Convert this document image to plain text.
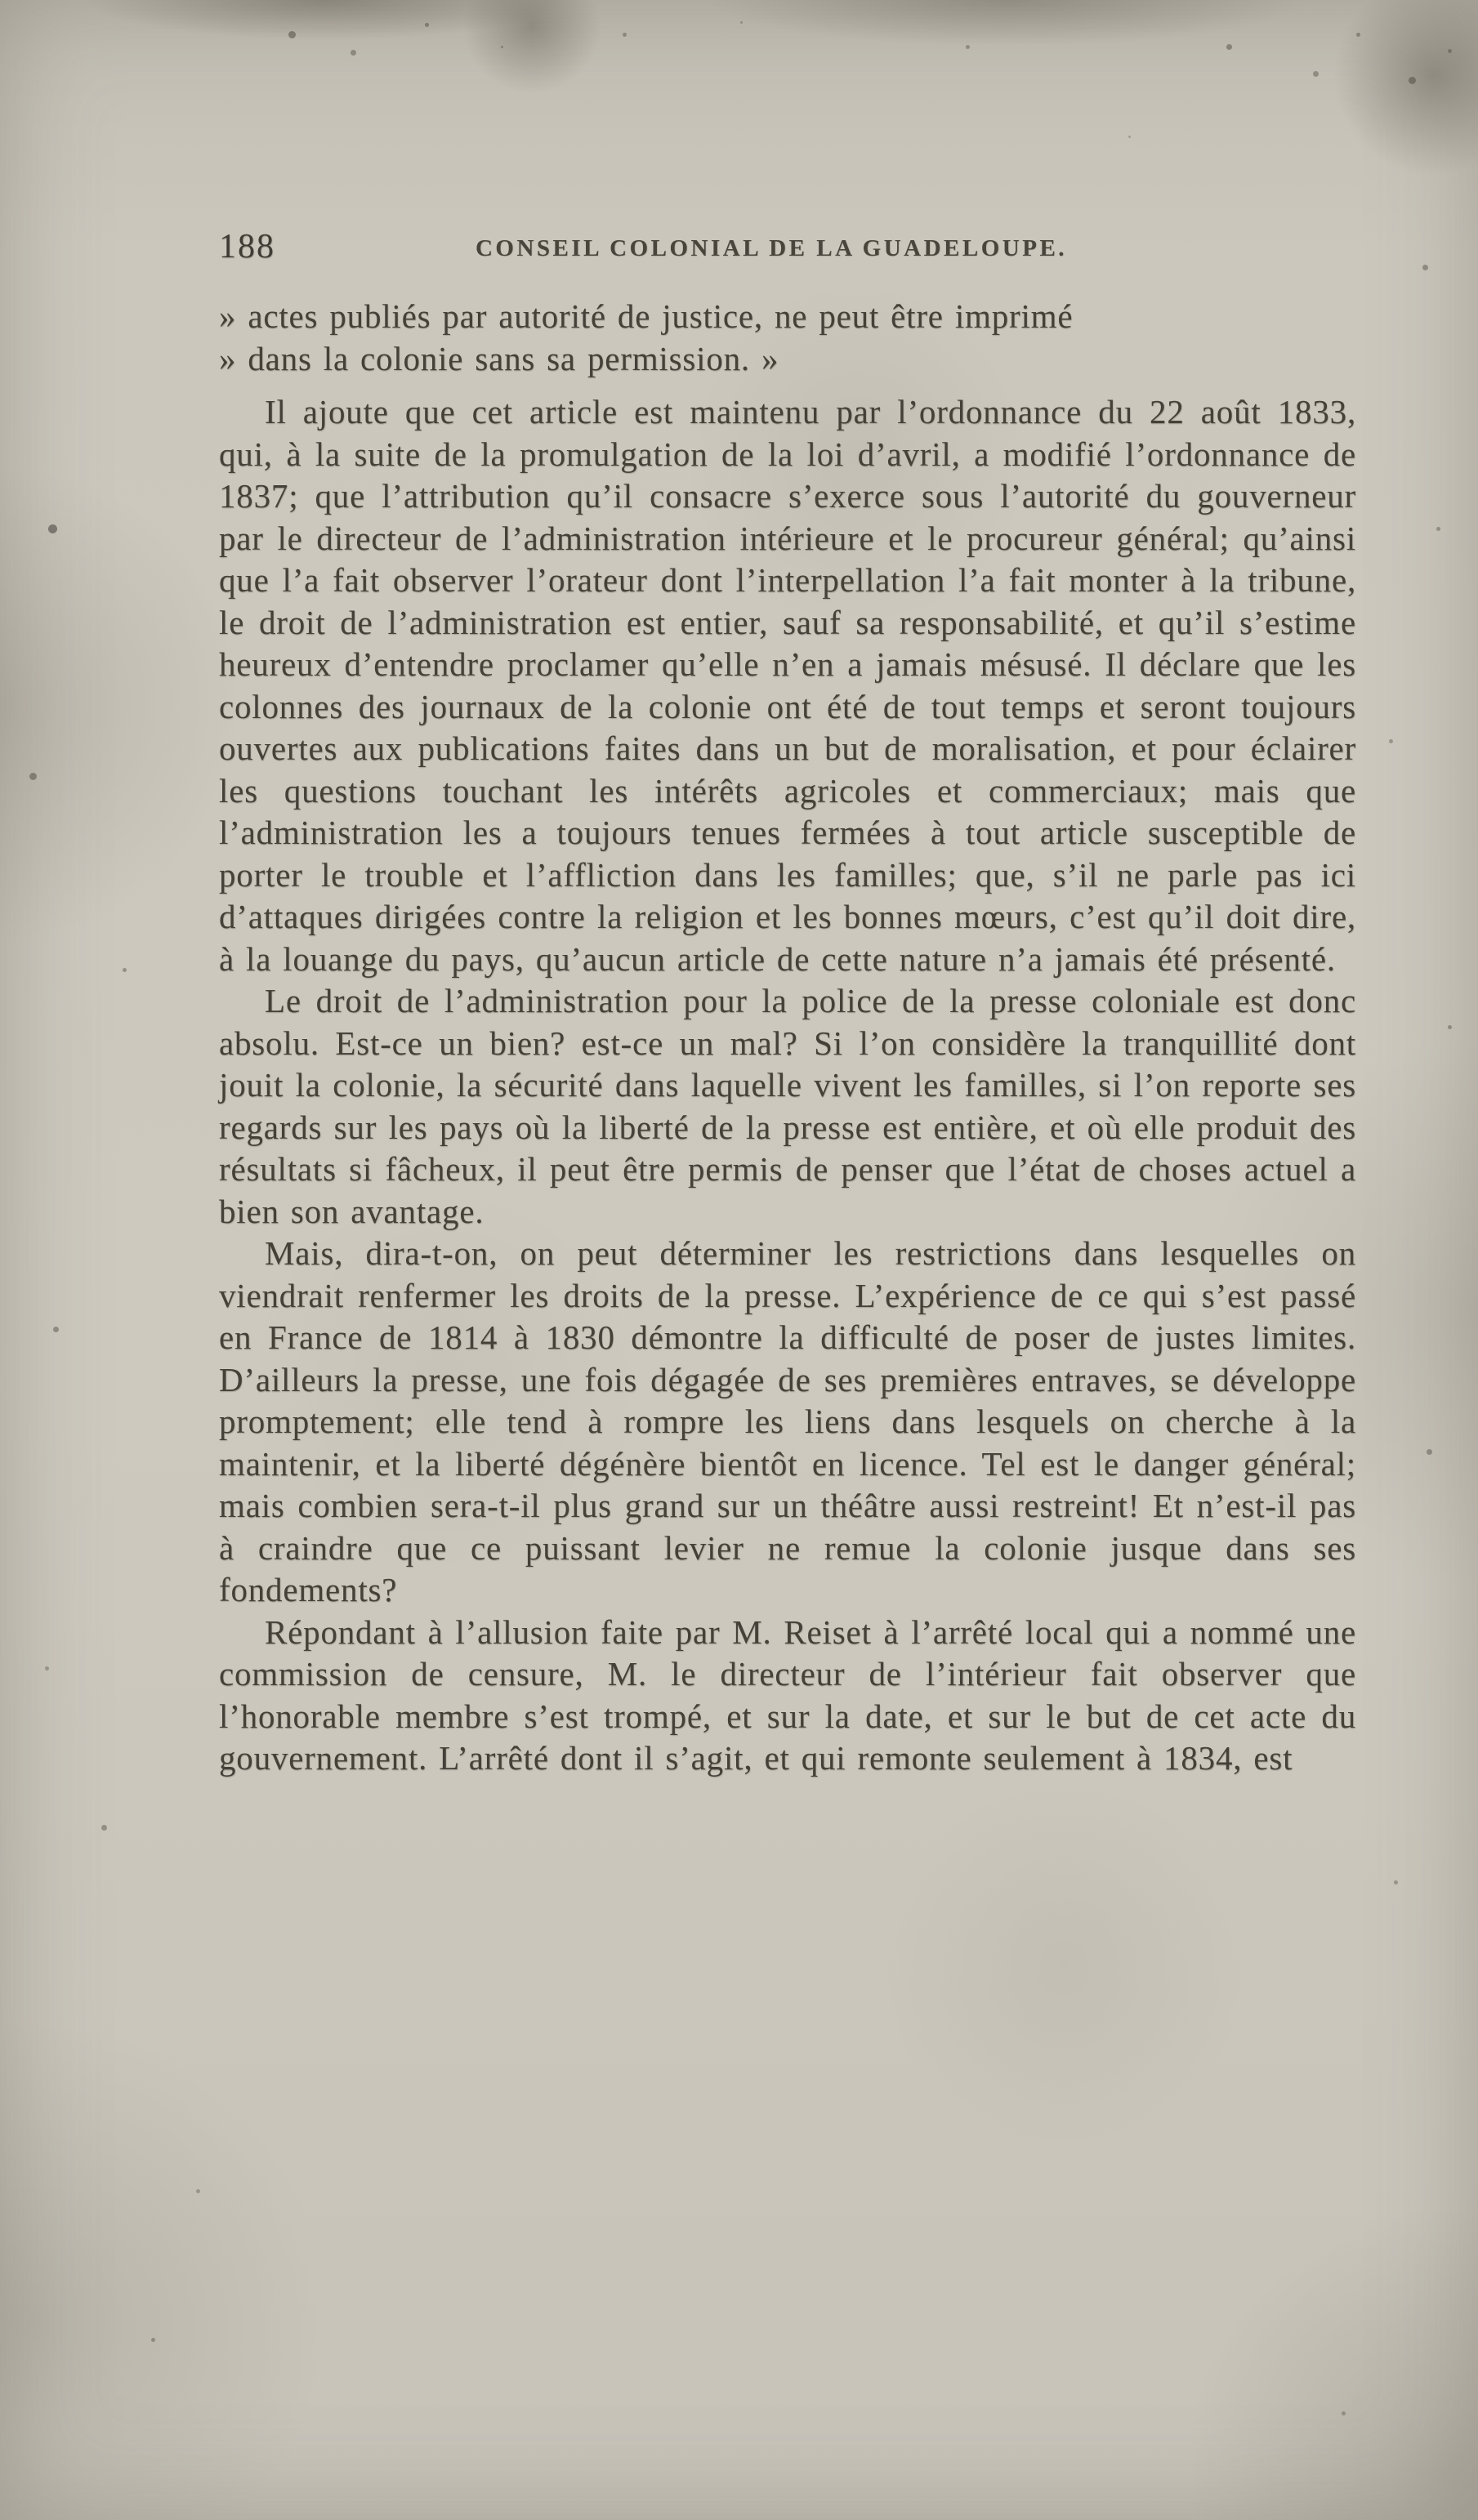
188	CONSEIL COLONIAL DE LA GUADELOUPE.
» actes publiés par autorité de justice, ne peut être imprimé
» dans la colonie sans sa permission. »

Il ajoute que cet article est maintenu par l’ordonnance du 22 août 1833, qui, à la suite de la promulgation de la loi d’avril, a modifié l’ordonnance de 1837; que l’attribution qu’il consacre s’exerce sous l’autorité du gouverneur par le directeur de l’administration intérieure et le procureur général; qu’ainsi que l’a fait observer l’orateur dont l’interpellation l’a fait monter à la tribune, le droit de l’administration est entier, sauf sa responsabilité, et qu’il s’estime heureux d’entendre proclamer qu’elle n’en a jamais mésusé. Il déclare que les colonnes des journaux de la colonie ont été de tout temps et seront toujours ouvertes aux publications faites dans un but de moralisation, et pour éclairer les questions touchant les intérêts agricoles et commerciaux; mais que l’administration les a toujours tenues fermées à tout article susceptible de porter le trouble et l’affliction dans les familles; que, s’il ne parle pas ici d’attaques dirigées contre la religion et les bonnes mœurs, c’est qu’il doit dire, à la louange du pays, qu’aucun article de cette nature n’a jamais été présenté.

Le droit de l’administration pour la police de la presse coloniale est donc absolu. Est-ce un bien? est-ce un mal? Si l’on considère la tranquillité dont jouit la colonie, la sécurité dans laquelle vivent les familles, si l’on reporte ses regards sur les pays où la liberté de la presse est entière, et où elle produit des résultats si fâcheux, il peut être permis de penser que l’état de choses actuel a bien son avantage.

Mais, dira-t-on, on peut déterminer les restrictions dans lesquelles on viendrait renfermer les droits de la presse. L’expérience de ce qui s’est passé en France de 1814 à 1830 démontre la difficulté de poser de justes limites. D’ailleurs la presse, une fois dégagée de ses premières entraves, se développe promptement; elle tend à rompre les liens dans lesquels on cherche à la maintenir, et la liberté dégénère bientôt en licence. Tel est le danger général; mais combien sera-t-il plus grand sur un théâtre aussi restreint! Et n’est-il pas à craindre que ce puissant levier ne remue la colonie jusque dans ses fondements?

Répondant à l’allusion faite par M. Reiset à l’arrêté local qui a nommé une commission de censure, M. le directeur de l’intérieur fait observer que l’honorable membre s’est trompé, et sur la date, et sur le but de cet acte du gouvernement. L’arrêté dont il s’agit, et qui remonte seulement à 1834, est
